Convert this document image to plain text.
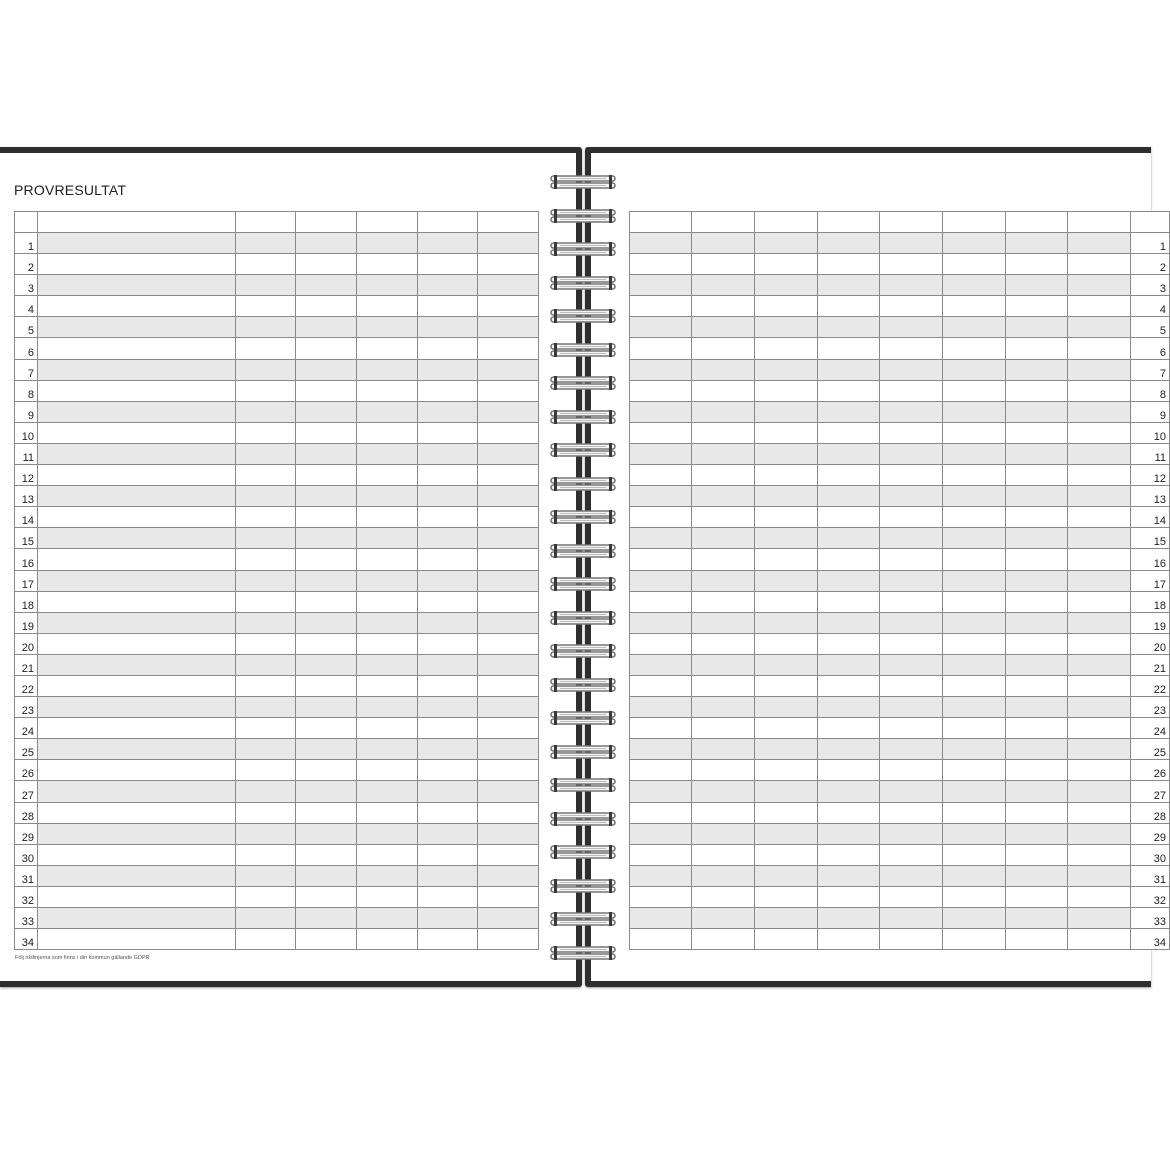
PROVRESULTAT

1						
2						
3						
4						
5						
6						
7						
8						
9						
10						
11						
12						
13						
14						
15						
16						
17						
18						
19						
20						
21						
22						
23						
24						
25						
26						
27						
28						
29						
30						
31						
32						
33						
34						

								1
								2
								3
								4
								5
								6
								7
								8
								9
								10
								11
								12
								13
								14
								15
								16
								17
								18
								19
								20
								21
								22
								23
								24
								25
								26
								27
								28
								29
								30
								31
								32
								33
								34
Följ riktlinjerna som finns i din kommun gällande GDPR
